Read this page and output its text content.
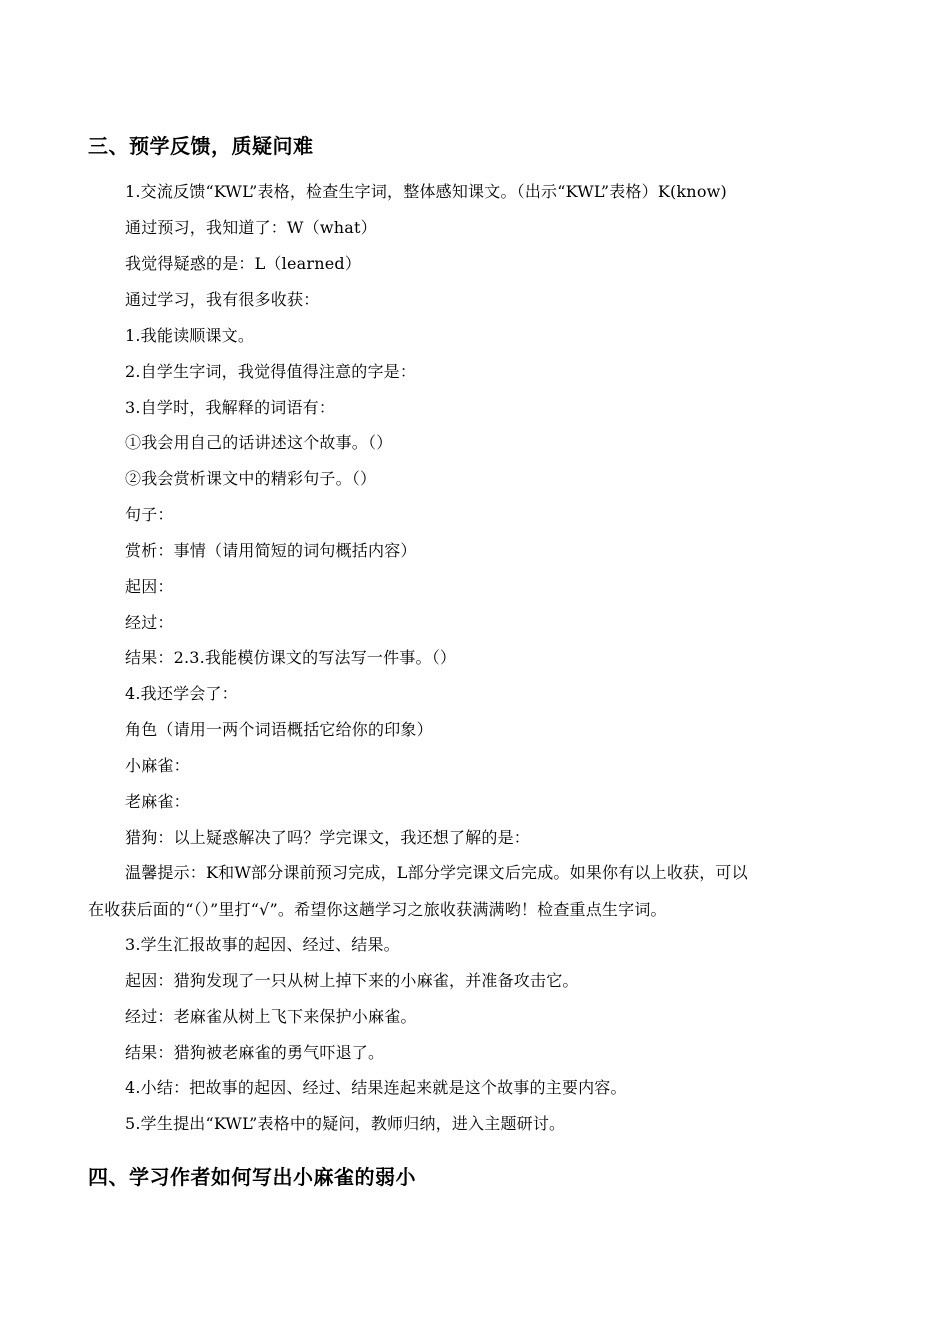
三、预学反馈，质疑问难
1.交流反馈“KWL”表格，检查生字词，整体感知课文。（出示“KWL”表格）K(know)
通过预习，我知道了：W（what）
我觉得疑惑的是：L（learned）
通过学习，我有很多收获：
1.我能读顺课文。
2.自学生字词，我觉得值得注意的字是：
3.自学时，我解释的词语有：
①我会用自己的话讲述这个故事。（）
②我会赏析课文中的精彩句子。（）
句子：
赏析：事情（请用简短的词句概括内容）
起因：
经过：
结果：2.3.我能模仿课文的写法写一件事。（）
4.我还学会了：
角色（请用一两个词语概括它给你的印象）
小麻雀：
老麻雀：
猎狗：以上疑惑解决了吗？学完课文，我还想了解的是：
温馨提示：K和W部分课前预习完成，L部分学完课文后完成。如果你有以上收获，可以
在收获后面的“（）”里打“√”。希望你这趟学习之旅收获满满哟！检查重点生字词。
3.学生汇报故事的起因、经过、结果。
起因：猎狗发现了一只从树上掉下来的小麻雀，并准备攻击它。
经过：老麻雀从树上飞下来保护小麻雀。
结果：猎狗被老麻雀的勇气吓退了。
4.小结：把故事的起因、经过、结果连起来就是这个故事的主要内容。
5.学生提出“KWL”表格中的疑问，教师归纳，进入主题研讨。
四、学习作者如何写出小麻雀的弱小
